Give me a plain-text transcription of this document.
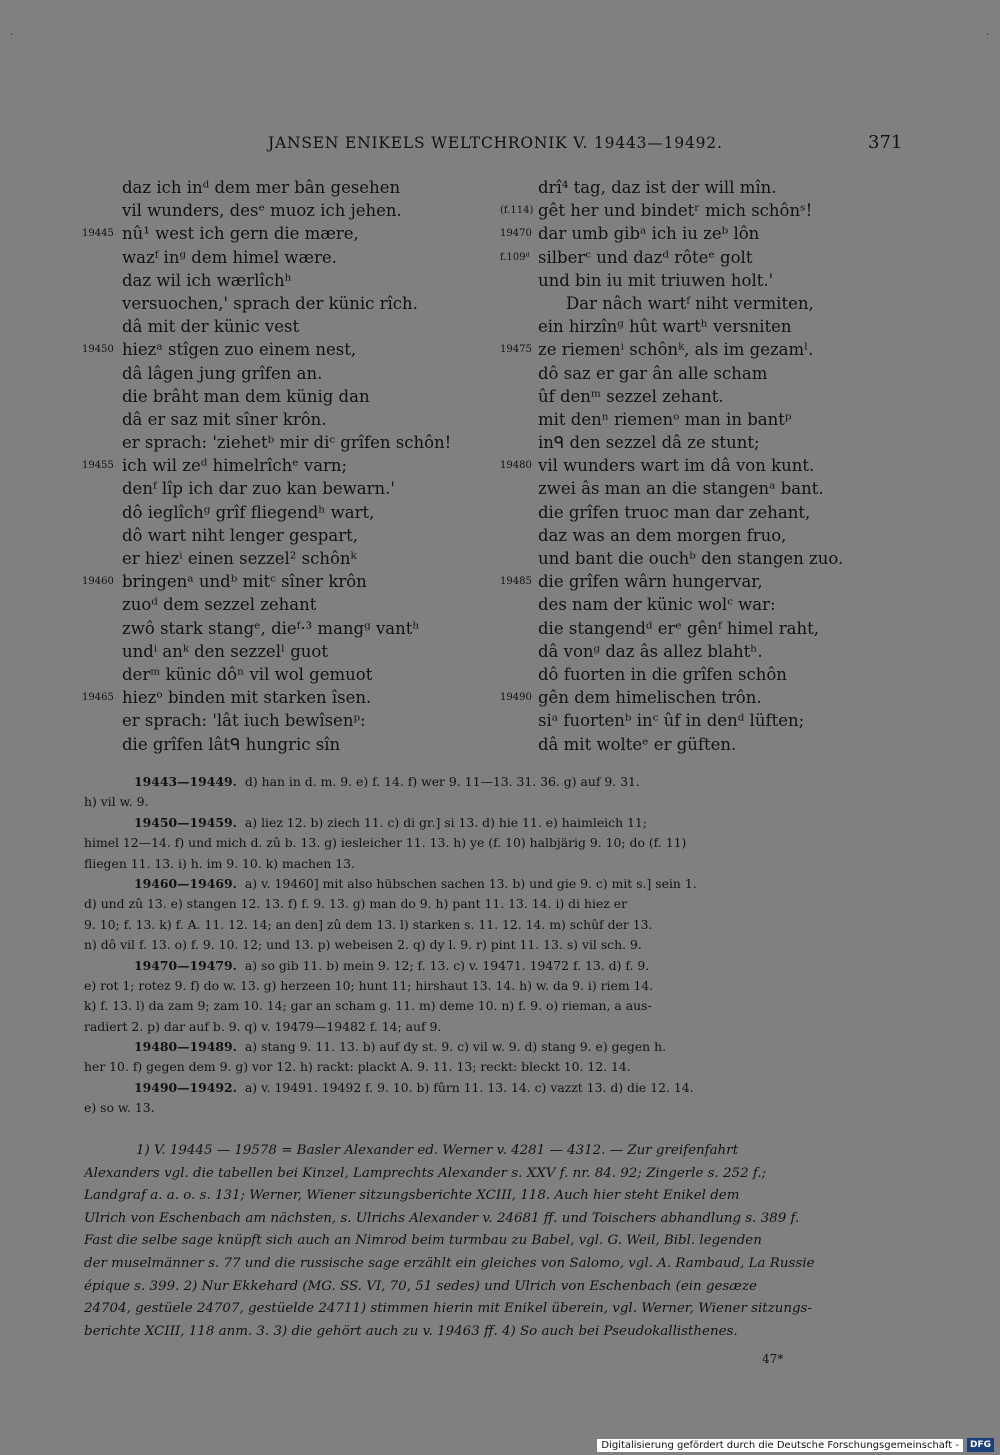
·	·
JANSEN ENIKELS WELTCHRONIK V. 19443—19492.	371
daz ich inᵈ dem mer bân gesehen
vil wunders, desᵉ muoz ich jehen.
19445 nû¹ west ich gern die mære,
wazᶠ inᵍ dem himel wære.
daz wil ich wærlîchʰ
versuochen,' sprach der künic rîch.
dâ mit der künic vest
19450 hiezᵃ stîgen zuo einem nest,
dâ lâgen jung grîfen an.
die brâht man dem künig dan
dâ er saz mit sîner krôn.
er sprach: 'ziehetᵇ mir diᶜ grîfen schôn!
19455 ich wil zeᵈ himelrîchᵉ varn;
denᶠ lîp ich dar zuo kan bewarn.'
dô ieglîchᵍ grîf fliegendʰ wart,
dô wart niht lenger gespart,
er hiezⁱ einen sezzel² schônᵏ
19460 bringenᵃ undᵇ mitᶜ sîner krôn
zuoᵈ dem sezzel zehant
zwô stark stangᵉ, dieᶠ·³ mangᵍ vantʰ
undⁱ anᵏ den sezzelˡ guot
derᵐ künic dôⁿ vil wol gemuot
19465 hiezᵒ binden mit starken îsen.
er sprach: 'lât iuch bewîsenᵖ:
die grîfen lâtᑫ hungric sîn
drî⁴ tag, daz ist der will mîn.
(f.114) gêt her und bindetʳ mich schônˢ!
19470 dar umb gibᵃ ich iu zeᵇ lôn
f.109ᵈ silberᶜ und dazᵈ rôteᵉ golt
und bin iu mit triuwen holt.'
Dar nâch wartᶠ niht vermiten,
ein hirzînᵍ hût wartʰ versniten
19475 ze riemenⁱ schônᵏ, als im gezamˡ.
dô saz er gar ân alle scham
ûf denᵐ sezzel zehant.
mit denⁿ riemenᵒ man in bantᵖ
inᑫ den sezzel dâ ze stunt;
19480 vil wunders wart im dâ von kunt.
zwei âs man an die stangenᵃ bant.
die grîfen truoc man dar zehant,
daz was an dem morgen fruo,
und bant die ouchᵇ den stangen zuo.
19485 die grîfen wârn hungervar,
des nam der künic wolᶜ war:
die stangendᵈ erᵉ gênᶠ himel raht,
dâ vonᵍ daz âs allez blahtʰ.
dô fuorten in die grîfen schôn
19490 gên dem himelischen trôn.
siᵃ fuortenᵇ inᶜ ûf in denᵈ lüften;
dâ mit wolteᵉ er güften.
19443—19449. d) han in d. m. 9. e) f. 14. f) wer 9. 11—13. 31. 36. g) auf 9. 31.
h) vil w. 9.
19450—19459. a) liez 12. b) ziech 11. c) di gr.] si 13. d) hie 11. e) haimleich 11;
himel 12—14. f) und mich d. zû b. 13. g) iesleicher 11. 13. h) ye (f. 10) halbjärig 9. 10; do (f. 11)
fliegen 11. 13. i) h. im 9. 10. k) machen 13.
19460—19469. a) v. 19460] mit also hübschen sachen 13. b) und gie 9. c) mit s.] sein 1.
d) und zû 13. e) stangen 12. 13. f) f. 9. 13. g) man do 9. h) pant 11. 13. 14. i) di hiez er
9. 10; f. 13. k) f. A. 11. 12. 14; an den] zû dem 13. l) starken s. 11. 12. 14. m) schûf der 13.
n) dô vil f. 13. o) f. 9. 10. 12; und 13. p) webeisen 2. q) dy l. 9. r) pint 11. 13. s) vil sch. 9.
19470—19479. a) so gib 11. b) mein 9. 12; f. 13. c) v. 19471. 19472 f. 13. d) f. 9.
e) rot 1; rotez 9. f) do w. 13. g) herzeen 10; hunt 11; hirshaut 13. 14. h) w. da 9. i) riem 14.
k) f. 13. l) da zam 9; zam 10. 14; gar an scham g. 11. m) deme 10. n) f. 9. o) rieman, a aus-
radiert 2. p) dar auf b. 9. q) v. 19479—19482 f. 14; auf 9.
19480—19489. a) stang 9. 11. 13. b) auf dy st. 9. c) vil w. 9. d) stang 9. e) gegen h.
her 10. f) gegen dem 9. g) vor 12. h) rackt: plackt A. 9. 11. 13; reckt: bleckt 10. 12. 14.
19490—19492. a) v. 19491. 19492 f. 9. 10. b) fûrn 11. 13. 14. c) vazzt 13. d) die 12. 14.
e) so w. 13.
1) V. 19445 — 19578 = Basler Alexander ed. Werner v. 4281 — 4312. — Zur greifenfahrt
Alexanders vgl. die tabellen bei Kinzel, Lamprechts Alexander s. XXV f. nr. 84. 92; Zingerle s. 252 f.;
Landgraf a. a. o. s. 131; Werner, Wiener sitzungsberichte XCIII, 118. Auch hier steht Enikel dem
Ulrich von Eschenbach am nächsten, s. Ulrichs Alexander v. 24681 ff. und Toischers abhandlung s. 389 f.
Fast die selbe sage knüpft sich auch an Nimrod beim turmbau zu Babel, vgl. G. Weil, Bibl. legenden
der muselmänner s. 77 und die russische sage erzählt ein gleiches von Salomo, vgl. A. Rambaud, La Russie
épique s. 399. 2) Nur Ekkehard (MG. SS. VI, 70, 51 sedes) und Ulrich von Eschenbach (ein gesæze
24704, gestüele 24707, gestüelde 24711) stimmen hierin mit Enikel überein, vgl. Werner, Wiener sitzungs-
berichte XCIII, 118 anm. 3. 3) die gehört auch zu v. 19463 ff. 4) So auch bei Pseudokallisthenes.
47*
Digitalisierung gefördert durch die Deutsche Forschungsgemeinschaft -	DFG
